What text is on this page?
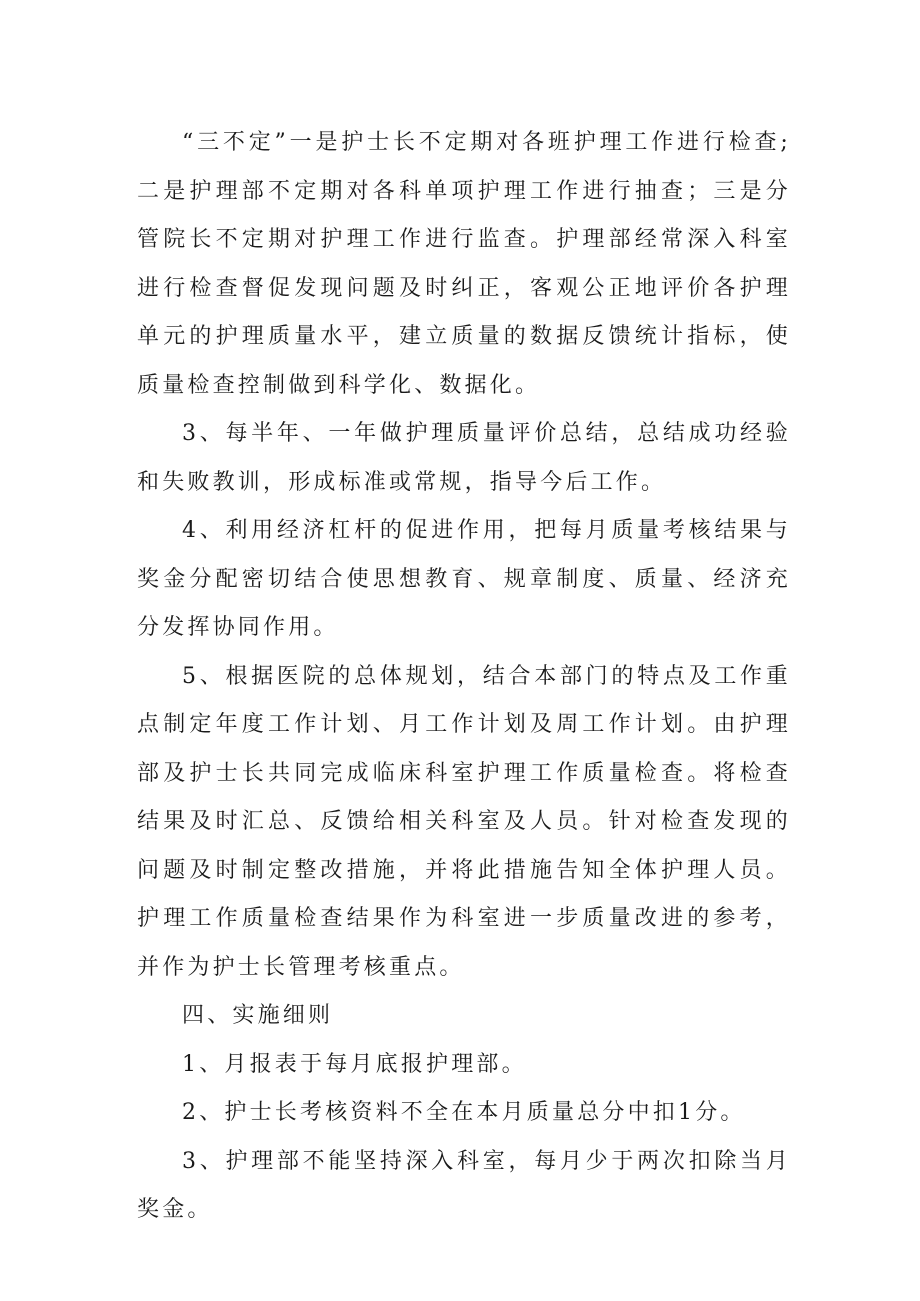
“三不定”一是护士长不定期对各班护理工作进行检查;二是护理部不定期对各科单项护理工作进行抽查；三是分管院长不定期对护理工作进行监查。护理部经常深入科室进行检查督促发现问题及时纠正，客观公正地评价各护理单元的护理质量水平，建立质量的数据反馈统计指标，使质量检查控制做到科学化、数据化。

3、每半年、一年做护理质量评价总结，总结成功经验和失败教训，形成标准或常规，指导今后工作。

4、利用经济杠杆的促进作用，把每月质量考核结果与奖金分配密切结合使思想教育、规章制度、质量、经济充分发挥协同作用。

5、根据医院的总体规划，结合本部门的特点及工作重点制定年度工作计划、月工作计划及周工作计划。由护理部及护士长共同完成临床科室护理工作质量检查。将检查结果及时汇总、反馈给相关科室及人员。针对检查发现的问题及时制定整改措施，并将此措施告知全体护理人员。护理工作质量检查结果作为科室进一步质量改进的参考，并作为护士长管理考核重点。

四、实施细则

1、月报表于每月底报护理部。

2、护士长考核资料不全在本月质量总分中扣1分。

3、护理部不能坚持深入科室，每月少于两次扣除当月奖金。
